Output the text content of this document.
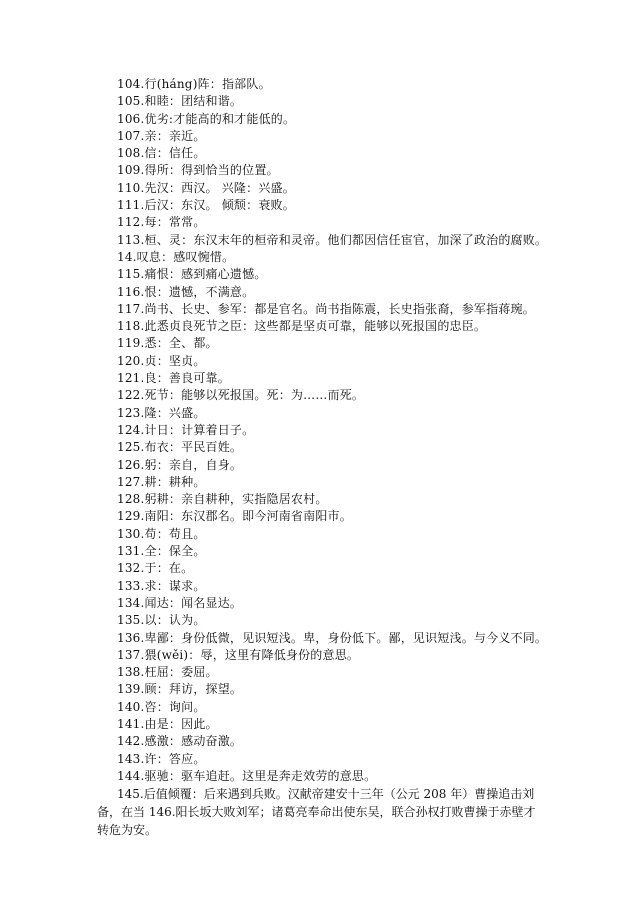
104.行(háng)阵：指部队。
105.和睦：团结和谐。
106.优劣:才能高的和才能低的。
107.亲：亲近。
108.信：信任。
109.得所：得到恰当的位置。
110.先汉：西汉。 兴隆：兴盛。
111.后汉：东汉。 倾颓：衰败。
112.每：常常。
113.桓、灵：东汉末年的桓帝和灵帝。他们都因信任宦官，加深了政治的腐败。
14.叹息：感叹惋惜。
115.痛恨：感到痛心遗憾。
116.恨：遗憾，不满意。
117.尚书、长史、参军：都是官名。尚书指陈震，长史指张裔，参军指蒋琬。
118.此悉贞良死节之臣：这些都是坚贞可靠，能够以死报国的忠臣。
119.悉：全、都。
120.贞：坚贞。
121.良：善良可靠。
122.死节：能够以死报国。死：为……而死。
123.隆：兴盛。
124.计日：计算着日子。
125.布衣：平民百姓。
126.躬：亲自，自身。
127.耕：耕种。
128.躬耕：亲自耕种，实指隐居农村。
129.南阳：东汉郡名。即今河南省南阳市。
130.苟：苟且。
131.全：保全。
132.于：在。
133.求：谋求。
134.闻达：闻名显达。
135.以：认为。
136.卑鄙：身份低微，见识短浅。卑，身份低下。鄙，见识短浅。与今义不同。
137.猥(wěi)：辱，这里有降低身份的意思。
138.枉屈：委屈。
139.顾：拜访，探望。
140.咨：询问。
141.由是：因此。
142.感激：感动奋激。
143.许：答应。
144.驱驰：驱车追赶。这里是奔走效劳的意思。
145.后值倾覆：后来遇到兵败。汉献帝建安十三年（公元 208 年）曹操追击刘备，在当 146.阳长坂大败刘军；诸葛亮奉命出使东吴，联合孙权打败曹操于赤壁才转危为安。
